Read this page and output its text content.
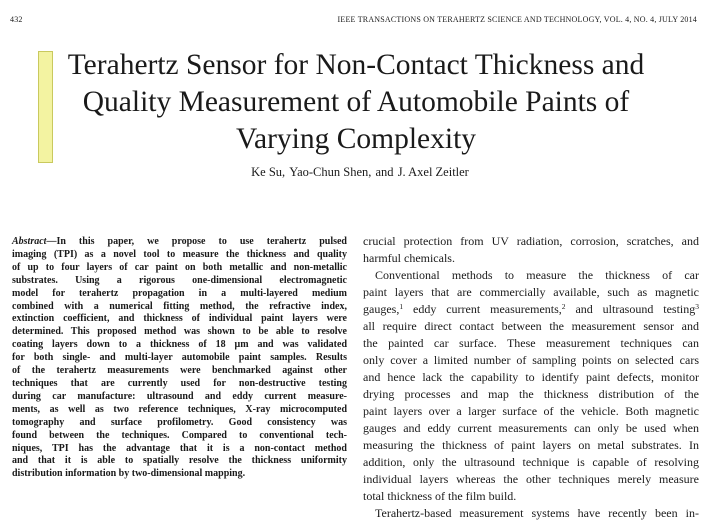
432	IEEE TRANSACTIONS ON TERAHERTZ SCIENCE AND TECHNOLOGY, VOL. 4, NO. 4, JULY 2014
Terahertz Sensor for Non-Contact Thickness and
Quality Measurement of Automobile Paints of
Varying Complexity
Ke Su, Yao-Chun Shen, and J. Axel Zeitler
Abstract—In this paper, we propose to use terahertz pulsed
imaging (TPI) as a novel tool to measure the thickness and quality
of up to four layers of car paint on both metallic and non-metallic
substrates. Using a rigorous one-dimensional electromagnetic
model for terahertz propagation in a multi-layered medium
combined with a numerical fitting method, the refractive index,
extinction coefficient, and thickness of individual paint layers were
determined. This proposed method was shown to be able to resolve
coating layers down to a thickness of 18 μm and was validated
for both single- and multi-layer automobile paint samples. Results
of the terahertz measurements were benchmarked against other
techniques that are currently used for non-destructive testing
during car manufacture: ultrasound and eddy current measure-
ments, as well as two reference techniques, X-ray microcomputed
tomography and surface profilometry. Good consistency was
found between the techniques. Compared to conventional tech-
niques, TPI has the advantage that it is a non-contact method
and that it is able to spatially resolve the thickness uniformity
distribution information by two-dimensional mapping.
crucial protection from UV radiation, corrosion, scratches, and
harmful chemicals.
Conventional methods to measure the thickness of car
paint layers that are commercially available, such as magnetic
gauges,$^1$ eddy current measurements,$^2$ and ultrasound testing$^3$
all require direct contact between the measurement sensor and
the painted car surface. These measurement techniques can
only cover a limited number of sampling points on selected cars
and hence lack the capability to identify paint defects, monitor
drying processes and map the thickness distribution of the
paint layers over a larger surface of the vehicle. Both magnetic
gauges and eddy current measurements can only be used when
measuring the thickness of paint layers on metal substrates. In
addition, only the ultrasound technique is capable of resolving
individual layers whereas the other techniques merely measure
total thickness of the film build.
Terahertz-based measurement systems have recently been in-
